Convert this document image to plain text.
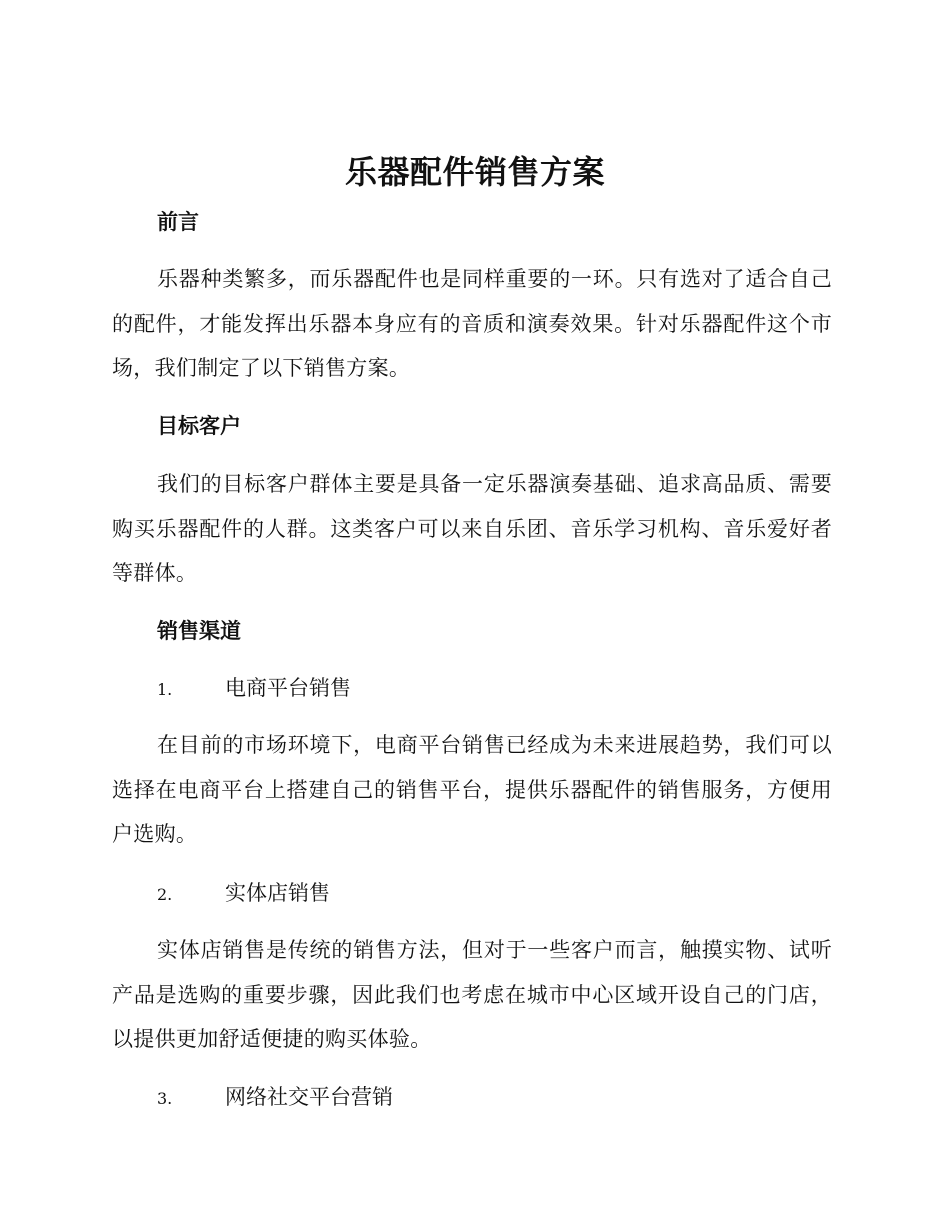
乐器配件销售方案
前言
乐器种类繁多，而乐器配件也是同样重要的一环。只有选对了适合自己的配件，才能发挥出乐器本身应有的音质和演奏效果。针对乐器配件这个市场，我们制定了以下销售方案。
目标客户
我们的目标客户群体主要是具备一定乐器演奏基础、追求高品质、需要购买乐器配件的人群。这类客户可以来自乐团、音乐学习机构、音乐爱好者等群体。
销售渠道
1.	电商平台销售
在目前的市场环境下，电商平台销售已经成为未来进展趋势，我们可以选择在电商平台上搭建自己的销售平台，提供乐器配件的销售服务，方便用户选购。
2.	实体店销售
实体店销售是传统的销售方法，但对于一些客户而言，触摸实物、试听产品是选购的重要步骤，因此我们也考虑在城市中心区域开设自己的门店，以提供更加舒适便捷的购买体验。
3.	网络社交平台营销
